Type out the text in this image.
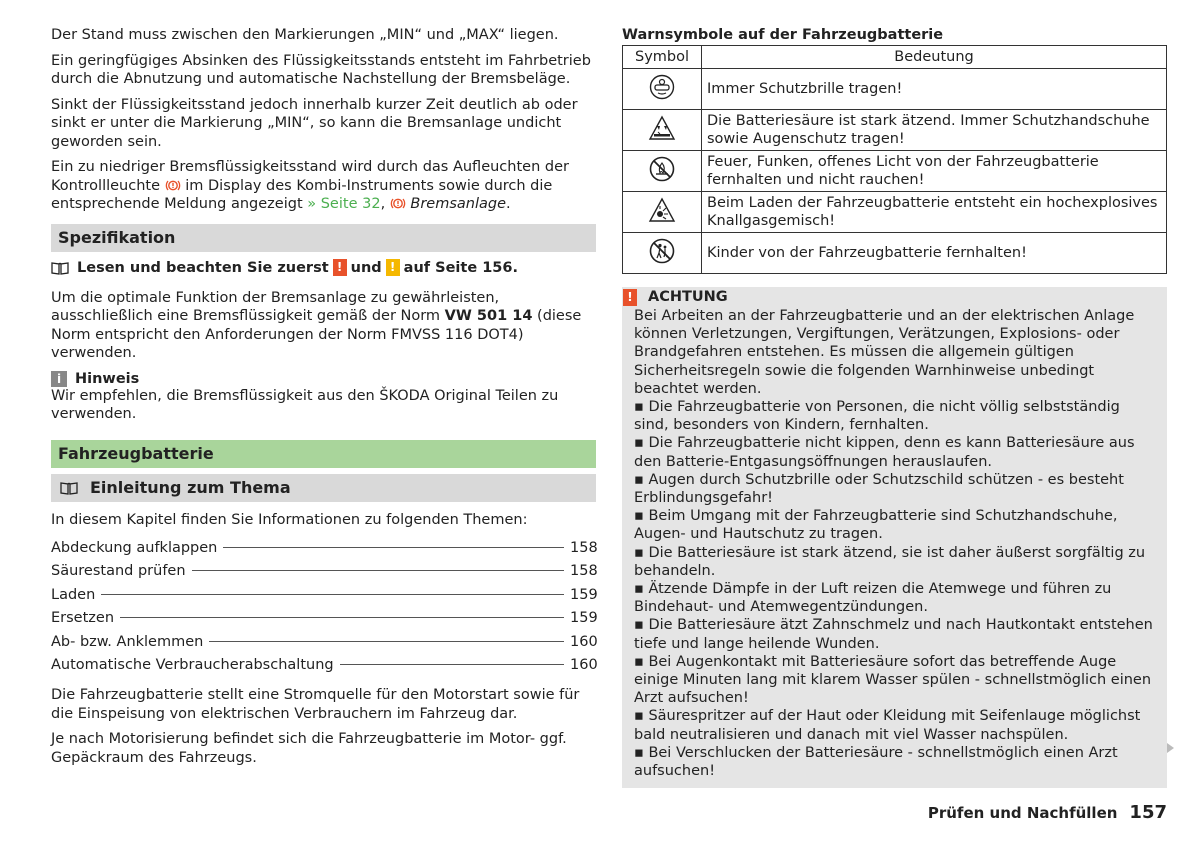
Der Stand muss zwischen den Markierungen „MIN“ und „MAX“ liegen.

Ein geringfügiges Absinken des Flüssigkeitsstands entsteht im Fahrbetrieb durch die Abnutzung und automatische Nachstellung der Bremsbeläge.

Sinkt der Flüssigkeitsstand jedoch innerhalb kurzer Zeit deutlich ab oder sinkt er unter die Markierung „MIN“, so kann die Bremsanlage undicht geworden sein.

Ein zu niedriger Bremsflüssigkeitsstand wird durch das Aufleuchten der Kontrollleuchte im Display des Kombi-Instruments sowie durch die entsprechende Meldung angezeigt » Seite 32, Bremsanlage.

Spezifikation
Lesen und beachten Sie zuerst ! und ! auf Seite 156.

Um die optimale Funktion der Bremsanlage zu gewährleisten, ausschließlich eine Bremsflüssigkeit gemäß der Norm VW 501 14 (diese Norm entspricht den Anforderungen der Norm FMVSS 116 DOT4) verwenden.

i Hinweis

Wir empfehlen, die Bremsflüssigkeit aus den ŠKODA Original Teilen zu verwenden.

Fahrzeugbatterie
Einleitung zum Thema

In diesem Kapitel finden Sie Informationen zu folgenden Themen:

Abdeckung aufklappen	158
Säurestand prüfen	158
Laden	159
Ersetzen	159
Ab- bzw. Anklemmen	160
Automatische Verbraucherabschaltung	160

Die Fahrzeugbatterie stellt eine Stromquelle für den Motorstart sowie für die Einspeisung von elektrischen Verbrauchern im Fahrzeug dar.

Je nach Motorisierung befindet sich die Fahrzeugbatterie im Motor- ggf. Gepäckraum des Fahrzeugs.

Warnsymbole auf der Fahrzeugbatterie
Symbol	Bedeutung
	Immer Schutzbrille tragen!
	Die Batteriesäure ist stark ätzend. Immer Schutzhandschuhe sowie Augenschutz tragen!
	Feuer, Funken, offenes Licht von der Fahrzeugbatterie fernhalten und nicht rauchen!
	Beim Laden der Fahrzeugbatterie entsteht ein hochexplosives Knallgasgemisch!
	Kinder von der Fahrzeugbatterie fernhalten!
! ACHTUNG
Bei Arbeiten an der Fahrzeugbatterie und an der elektrischen Anlage können Verletzungen, Vergiftungen, Verätzungen, Explosions- oder Brandgefahren entstehen. Es müssen die allgemein gültigen Sicherheitsregeln sowie die folgenden Warnhinweise unbedingt beachtet werden.
▪ Die Fahrzeugbatterie von Personen, die nicht völlig selbstständig sind, besonders von Kindern, fernhalten.
▪ Die Fahrzeugbatterie nicht kippen, denn es kann Batteriesäure aus den Batterie-Entgasungsöffnungen herauslaufen.
▪ Augen durch Schutzbrille oder Schutzschild schützen - es besteht Erblindungsgefahr!
▪ Beim Umgang mit der Fahrzeugbatterie sind Schutzhandschuhe, Augen- und Hautschutz zu tragen.
▪ Die Batteriesäure ist stark ätzend, sie ist daher äußerst sorgfältig zu behandeln.
▪ Ätzende Dämpfe in der Luft reizen die Atemwege und führen zu Bindehaut- und Atemwegentzündungen.
▪ Die Batteriesäure ätzt Zahnschmelz und nach Hautkontakt entstehen tiefe und lange heilende Wunden.
▪ Bei Augenkontakt mit Batteriesäure sofort das betreffende Auge einige Minuten lang mit klarem Wasser spülen - schnellstmöglich einen Arzt aufsuchen!
▪ Säurespritzer auf der Haut oder Kleidung mit Seifenlauge möglichst bald neutralisieren und danach mit viel Wasser nachspülen.
▪ Bei Verschlucken der Batteriesäure - schnellstmöglich einen Arzt aufsuchen!
Prüfen und Nachfüllen 157
